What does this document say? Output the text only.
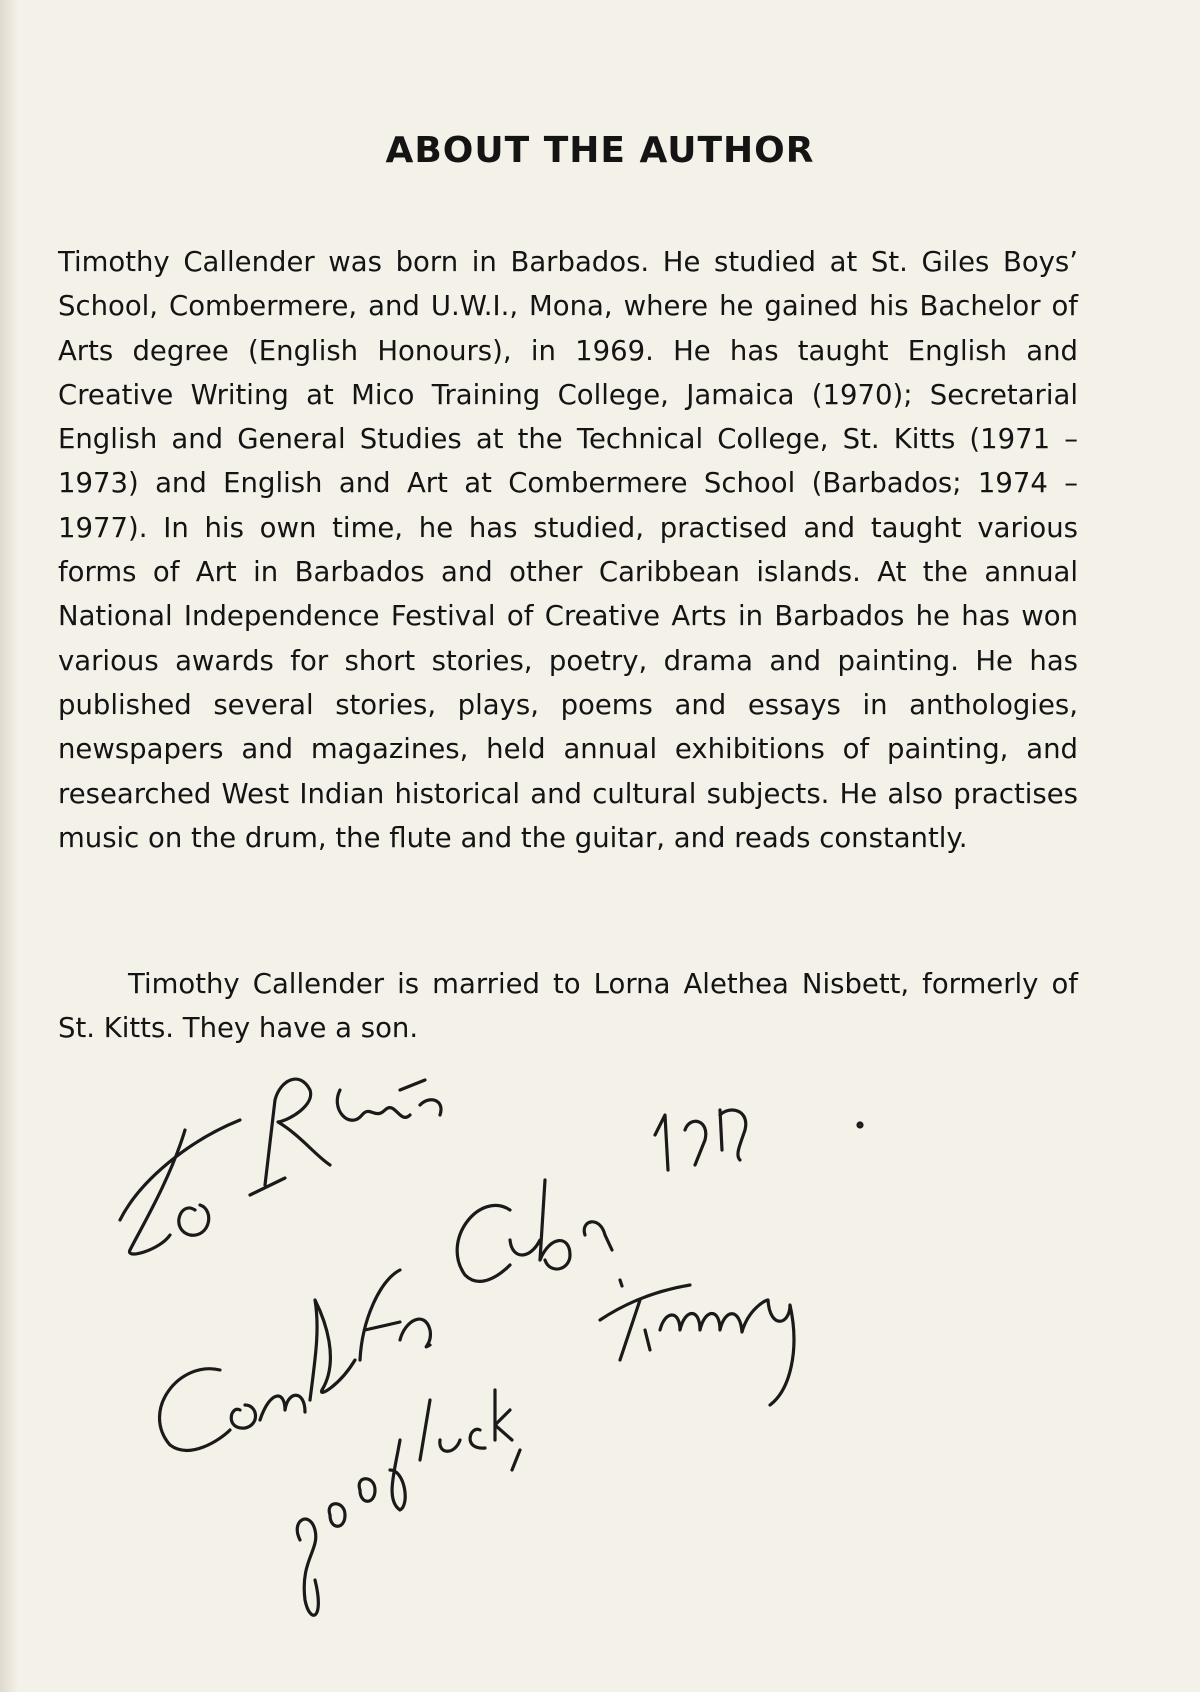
ABOUT THE AUTHOR

Timothy Callender was born in Barbados. He studied at St. Giles Boys’ School, Combermere, and U.W.I., Mona, where he gained his Bachelor of Arts degree (English Honours), in 1969. He has taught English and Creative Writing at Mico Training College, Jamaica (1970); Secretarial English and General Studies at the Technical College, St. Kitts (1971 – 1973) and English and Art at Combermere School (Barbados; 1974 – 1977). In his own time, he has studied, practised and taught various forms of Art in Barbados and other Caribbean islands. At the annual National Independence Festival of Creative Arts in Barbados he has won various awards for short stories, poetry, drama and painting. He has published several stories, plays, poems and essays in anthologies, newspapers and magazines, held annual exhibitions of painting, and researched West Indian historical and cultural subjects. He also practises music on the drum, the flute and the guitar, and reads constantly.

Timothy Callender is married to Lorna Alethea Nisbett, formerly of St. Kitts. They have a son.
